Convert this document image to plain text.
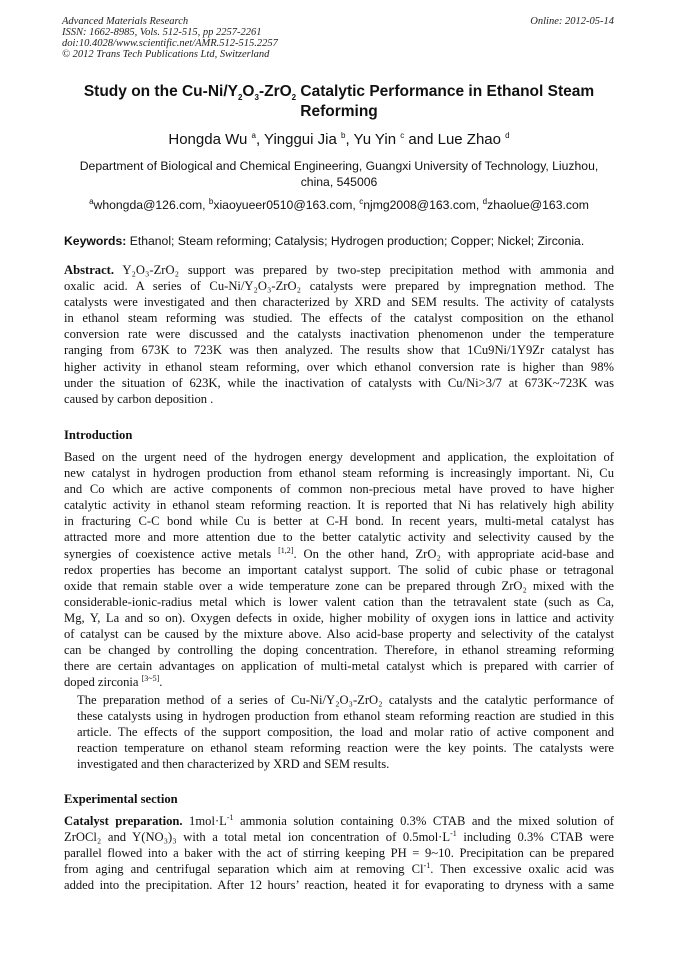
Advanced Materials Research
ISSN: 1662-8985, Vols. 512-515, pp 2257-2261
doi:10.4028/www.scientific.net/AMR.512-515.2257
© 2012 Trans Tech Publications Ltd, Switzerland
Online: 2012-05-14
Study on the $Cu-Ni/Y_2O_3-ZrO_2$ Catalytic Performance in Ethanol Steam
Reforming
Hongda Wu $^a$, Yinggui Jia $^b$, Yu Yin $^c$ and Lue Zhao $^d$
Department of Biological and Chemical Engineering, Guangxi University of Technology, Liuzhou,
china, 545006
$^a$whongda@126.com, $^b$xiaoyueer0510@163.com, $^c$njmg2008@163.com, $^d$zhaolue@163.com
Keywords: Ethanol; Steam reforming; Catalysis; Hydrogen production; Copper; Nickel; Zirconia.
Abstract. Y₂O₃-ZrO₂ support was prepared by two-step precipitation method with ammonia and
oxalic acid. A series of Cu-Ni/Y₂O₃-ZrO₂ catalysts were prepared by impregnation method. The
catalysts were investigated and then characterized by XRD and SEM results. The activity of catalysts
in ethanol steam reforming was studied. The effects of the catalyst composition on the ethanol
conversion rate were discussed and the catalysts inactivation phenomenon under the temperature
ranging from 673K to 723K was then analyzed. The results show that 1Cu9Ni/1Y9Zr catalyst has
higher activity in ethanol steam reforming, over which ethanol conversion rate is higher than 98%
under the situation of 623K, while the inactivation of catalysts with Cu/Ni>3/7 at 673K~723K was
caused by carbon deposition .
Introduction
Based on the urgent need of the hydrogen energy development and application, the exploitation of
new catalyst in hydrogen production from ethanol steam reforming is increasingly important. Ni, Cu
and Co which are active components of common non-precious metal have proved to have higher
catalytic activity in ethanol steam reforming reaction. It is reported that Ni has relatively high ability
in fracturing C-C bond while Cu is better at C-H bond. In recent years, multi-metal catalyst has
attracted more and more attention due to the better catalytic activity and selectivity caused by the
synergies of coexistence active metals [1,2]. On the other hand, ZrO₂ with appropriate acid-base and
redox properties has become an important catalyst support. The solid of cubic phase or tetragonal
oxide that remain stable over a wide temperature zone can be prepared through ZrO₂ mixed with the
considerable-ionic-radius metal which is lower valent cation than the tetravalent state (such as Ca,
Mg, Y, La and so on). Oxygen defects in oxide, higher mobility of oxygen ions in lattice and activity
of catalyst can be caused by the mixture above. Also acid-base property and selectivity of the catalyst
can be changed by controlling the doping concentration. Therefore, in ethanol streaming reforming
there are certain advantages on application of multi-metal catalyst which is prepared with carrier of
doped zirconia [3~5].
The preparation method of a series of Cu-Ni/Y₂O₃-ZrO₂ catalysts and the catalytic performance of
these catalysts using in hydrogen production from ethanol steam reforming reaction are studied in this
article. The effects of the support composition, the load and molar ratio of active component and
reaction temperature on ethanol steam reforming reaction were the key points. The catalysts were
investigated and then characterized by XRD and SEM results.
Experimental section
Catalyst preparation. $1mol\cdot L^{-1}$ ammonia solution containing 0.3% CTAB and the mixed solution of
ZrOCl₂ and Y(NO₃)₃ with a total metal ion concentration of $0.5mol\cdot L^{-1}$ including 0.3% CTAB were
parallel flowed into a baker with the act of stirring keeping PH = 9~10. Precipitation can be prepared
from aging and centrifugal separation which aim at removing $Cl^{-1}$. Then excessive oxalic acid was
added into the precipitation. After 12 hours’ reaction, heated it for evaporating to dryness with a same
